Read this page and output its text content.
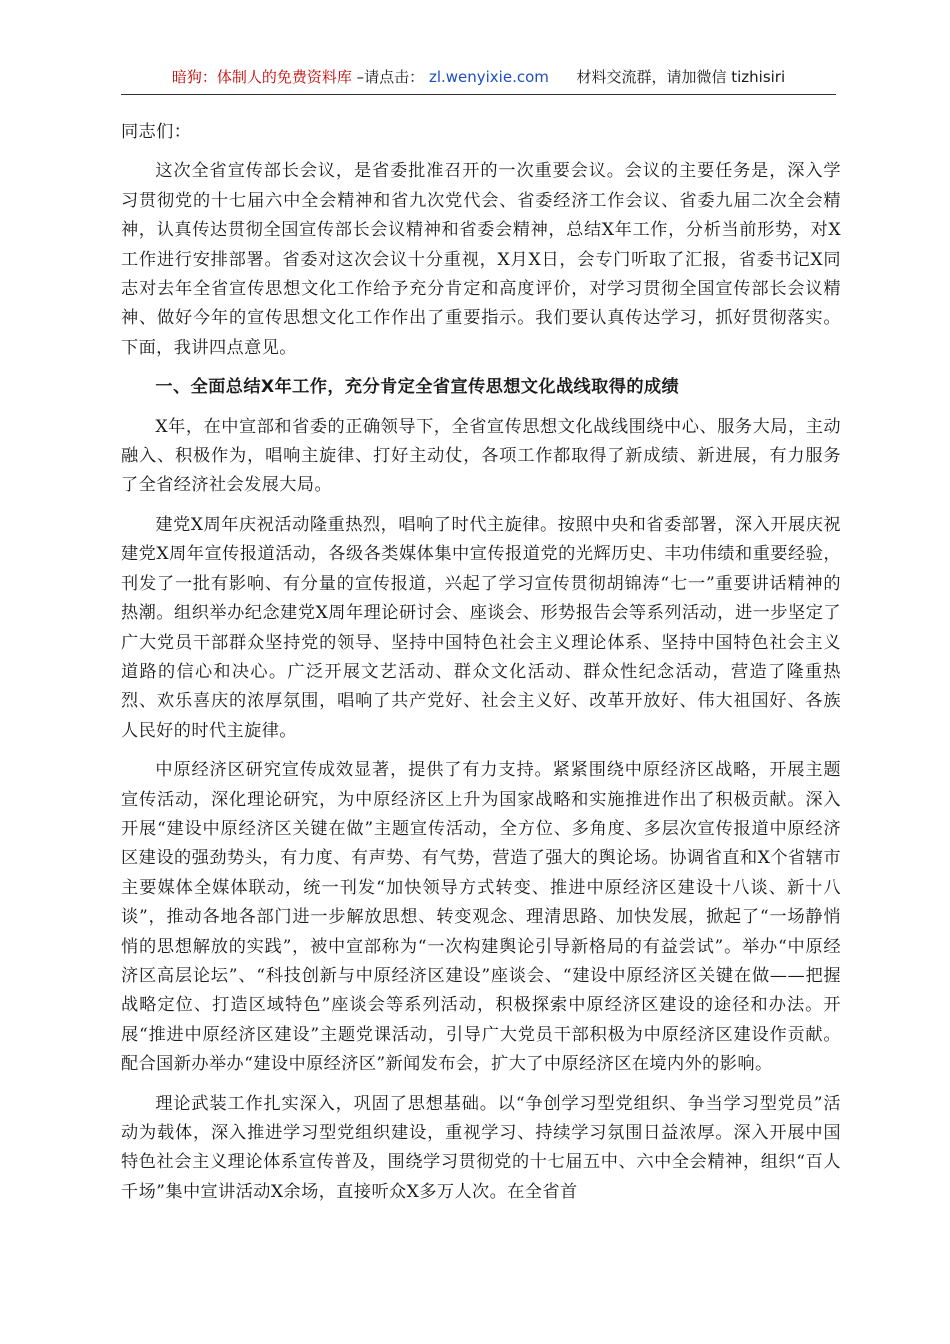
暗狗：体制人的免费资料库 –请点击： zl.wenyixie.com 材料交流群，请加微信 tizhisiri

同志们：

这次全省宣传部长会议，是省委批准召开的一次重要会议。会议的主要任务是，深入学习贯彻党的十七届六中全会精神和省九次党代会、省委经济工作会议、省委九届二次全会精神，认真传达贯彻全国宣传部长会议精神和省委会精神，总结X年工作，分析当前形势，对X工作进行安排部署。省委对这次会议十分重视，X月X日，会专门听取了汇报，省委书记X同志对去年全省宣传思想文化工作给予充分肯定和高度评价，对学习贯彻全国宣传部长会议精神、做好今年的宣传思想文化工作作出了重要指示。我们要认真传达学习，抓好贯彻落实。下面，我讲四点意见。

一、全面总结X年工作，充分肯定全省宣传思想文化战线取得的成绩

X年，在中宣部和省委的正确领导下，全省宣传思想文化战线围绕中心、服务大局，主动融入、积极作为，唱响主旋律、打好主动仗，各项工作都取得了新成绩、新进展，有力服务了全省经济社会发展大局。

建党X周年庆祝活动隆重热烈，唱响了时代主旋律。按照中央和省委部署，深入开展庆祝建党X周年宣传报道活动，各级各类媒体集中宣传报道党的光辉历史、丰功伟绩和重要经验，刊发了一批有影响、有分量的宣传报道，兴起了学习宣传贯彻胡锦涛“七一”重要讲话精神的热潮。组织举办纪念建党X周年理论研讨会、座谈会、形势报告会等系列活动，进一步坚定了广大党员干部群众坚持党的领导、坚持中国特色社会主义理论体系、坚持中国特色社会主义道路的信心和决心。广泛开展文艺活动、群众文化活动、群众性纪念活动，营造了隆重热烈、欢乐喜庆的浓厚氛围，唱响了共产党好、社会主义好、改革开放好、伟大祖国好、各族人民好的时代主旋律。

中原经济区研究宣传成效显著，提供了有力支持。紧紧围绕中原经济区战略，开展主题宣传活动，深化理论研究，为中原经济区上升为国家战略和实施推进作出了积极贡献。深入开展“建设中原经济区关键在做”主题宣传活动，全方位、多角度、多层次宣传报道中原经济区建设的强劲势头，有力度、有声势、有气势，营造了强大的舆论场。协调省直和X个省辖市主要媒体全媒体联动，统一刊发“加快领导方式转变、推进中原经济区建设十八谈、新十八谈”，推动各地各部门进一步解放思想、转变观念、理清思路、加快发展，掀起了“一场静悄悄的思想解放的实践”，被中宣部称为“一次构建舆论引导新格局的有益尝试”。举办“中原经济区高层论坛”、“科技创新与中原经济区建设”座谈会、“建设中原经济区关键在做——把握战略定位、打造区域特色”座谈会等系列活动，积极探索中原经济区建设的途径和办法。开展“推进中原经济区建设”主题党课活动，引导广大党员干部积极为中原经济区建设作贡献。配合国新办举办“建设中原经济区”新闻发布会，扩大了中原经济区在境内外的影响。

理论武装工作扎实深入，巩固了思想基础。以“争创学习型党组织、争当学习型党员”活动为载体，深入推进学习型党组织建设，重视学习、持续学习氛围日益浓厚。深入开展中国特色社会主义理论体系宣传普及，围绕学习贯彻党的十七届五中、六中全会精神，组织“百人千场”集中宣讲活动X余场，直接听众X多万人次。在全省首
